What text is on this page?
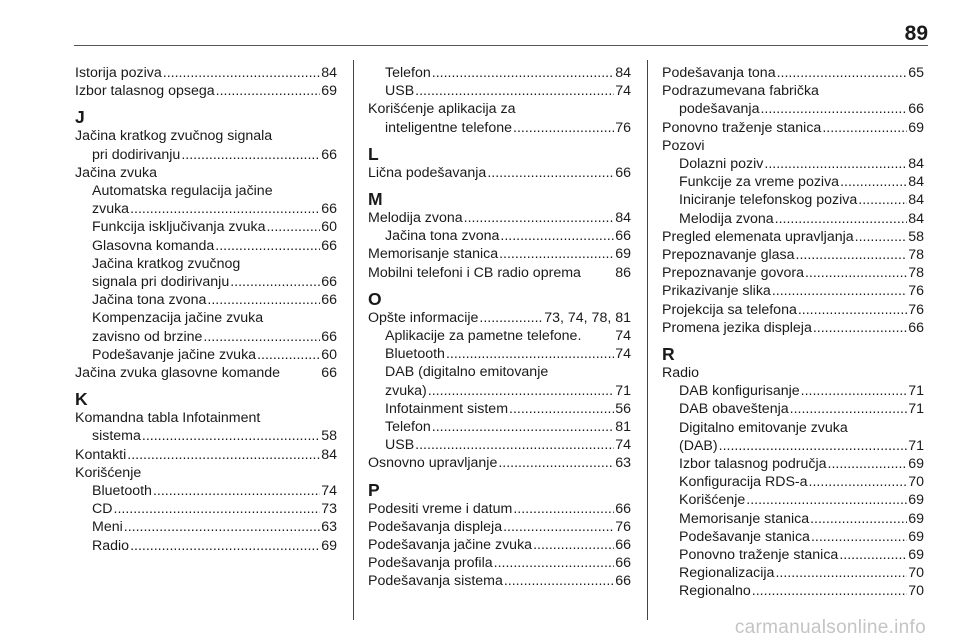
89
Istorija poziva .....	84
Izbor talasnog opsega .....	69
J
Jačina kratkog zvučnog signala
pri dodirivanju .....	66
Jačina zvuka
Automatska regulacija jačine
zvuka .....	66
Funkcija isključivanja zvuka .....	60
Glasovna komanda .....	66
Jačina kratkog zvučnog
signala pri dodirivanju .....	66
Jačina tona zvona .....	66
Kompenzacija jačine zvuka
zavisno od brzine .....	66
Podešavanje jačine zvuka .....	60
Jačina zvuka glasovne komande	66
K
Komandna tabla Infotainment
sistema .....	58
Kontakti .....	84
Korišćenje
Bluetooth .....	74
CD .....	73
Meni .....	63
Radio .....	69
Telefon .....	84
USB .....	74
Korišćenje aplikacija za
inteligentne telefone .....	76
L
Lična podešavanja .....	66
M
Melodija zvona .....	84
Jačina tona zvona .....	66
Memorisanje stanica .....	69
Mobilni telefoni i CB radio oprema 86
O
Opšte informacije .....	73, 74, 78, 81
Aplikacije za pametne telefone. 74
Bluetooth .....	74
DAB (digitalno emitovanje
zvuka) .....	71
Infotainment sistem .....	56
Telefon .....	81
USB .....	74
Osnovno upravljanje .....	63
P
Podesiti vreme i datum .....	66
Podešavanja displeja .....	76
Podešavanja jačine zvuka .....	66
Podešavanja profila .....	66
Podešavanja sistema .....	66
Podešavanja tona .....	65
Podrazumevana fabrička
podešavanja .....	66
Ponovno traženje stanica .....	69
Pozovi
Dolazni poziv .....	84
Funkcije za vreme poziva .....	84
Iniciranje telefonskog poziva .....	84
Melodija zvona .....	84
Pregled elemenata upravljanja .....	58
Prepoznavanje glasa .....	78
Prepoznavanje govora .....	78
Prikazivanje slika .....	76
Projekcija sa telefona .....	76
Promena jezika displeja .....	66
R
Radio
DAB konfigurisanje .....	71
DAB obaveštenja .....	71
Digitalno emitovanje zvuka
(DAB) .....	71
Izbor talasnog područja .....	69
Konfiguracija RDS-a .....	70
Korišćenje .....	69
Memorisanje stanica .....	69
Podešavanje stanica .....	69
Ponovno traženje stanica .....	69
Regionalizacija .....	70
Regionalno .....	70
carmanualsonline.info
